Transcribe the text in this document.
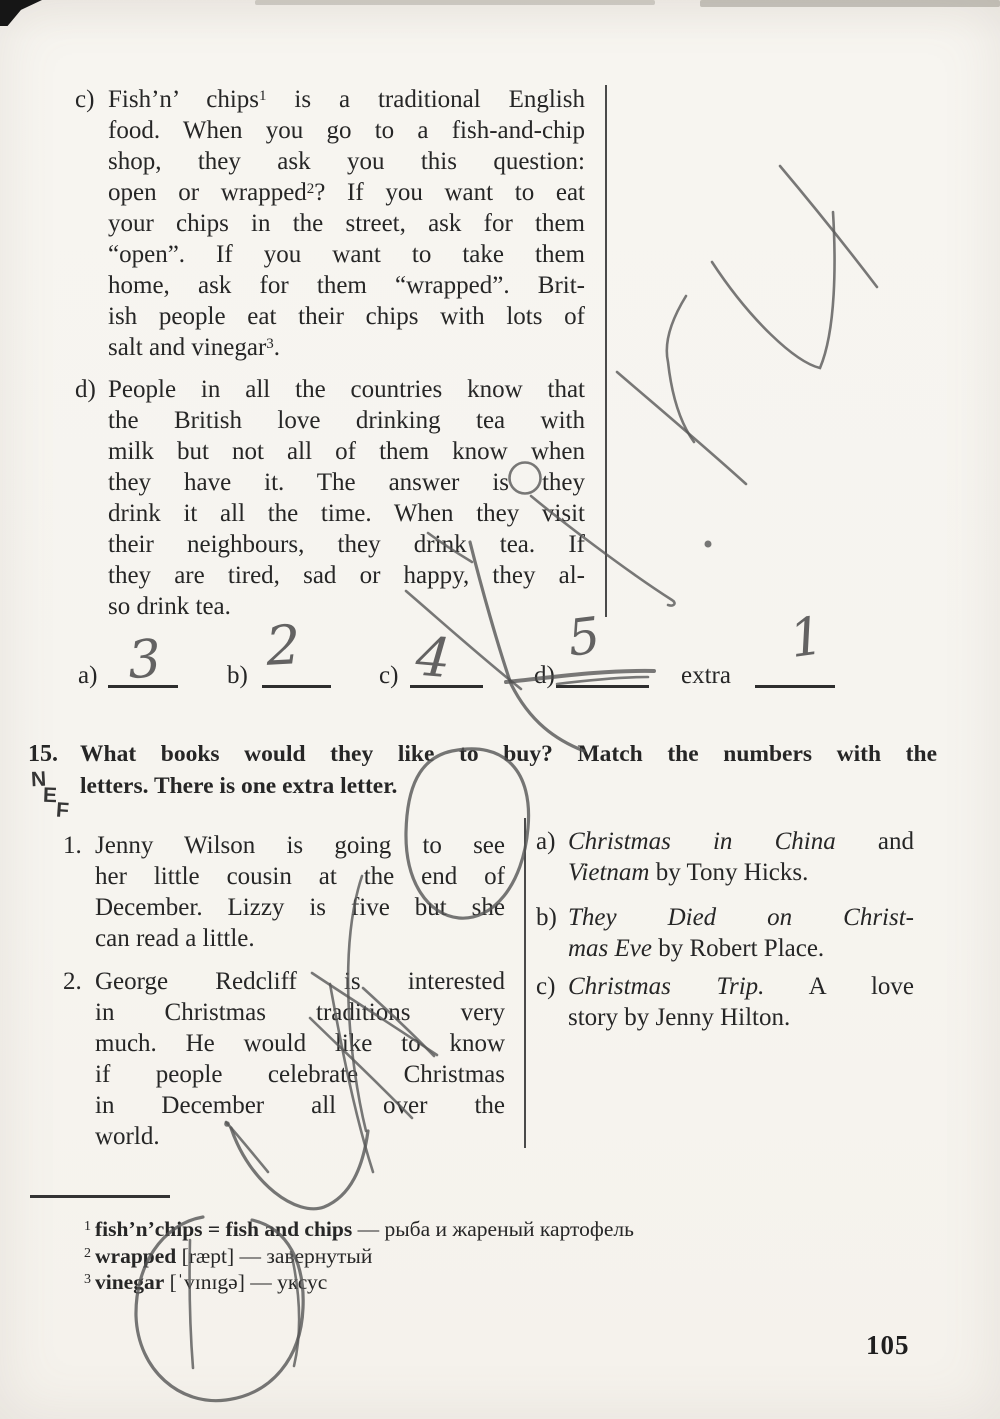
c) Fish’n’ chips$^1$ is a traditional English
food. When you go to a fish-and-chip
shop, they ask you this question:
open or wrapped$^2$? If you want to eat
your chips in the street, ask for them
“open”. If you want to take them
home, ask for them “wrapped”. Brit-
ish people eat their chips with lots of
salt and vinegar$^3$.
d) People in all the countries know that
the British love drinking tea with
milk but not all of them know when
they have it. The answer is they
drink it all the time. When they visit
their neighbours, they drink tea. If
they are tired, sad or happy, they al-
so drink tea.
a) 3	b) 2	c) 4	d)
5
extra
1
15. What books would they like to buy? Match the numbers with the
letters. There is one extra letter.
N
E
F
1. Jenny Wilson is going to see
her little cousin at the end of
December. Lizzy is five but she
can read a little.
2. George Redcliff is interested
in Christmas traditions very
much. He would like to know
if people celebrate Christmas
in December all over the
world.
a) Christmas in China and
Vietnam by Tony Hicks.
b) They Died on Christ-
mas Eve by Robert Place.
c) Christmas Trip. A love
story by Jenny Hilton.
$^1$ fish’n’chips = fish and chips — рыба и жареный картофель
$^2$ wrapped [ræpt] — завернутый
$^3$ vinegar [ˈvɪnɪgə] — уксус
105
